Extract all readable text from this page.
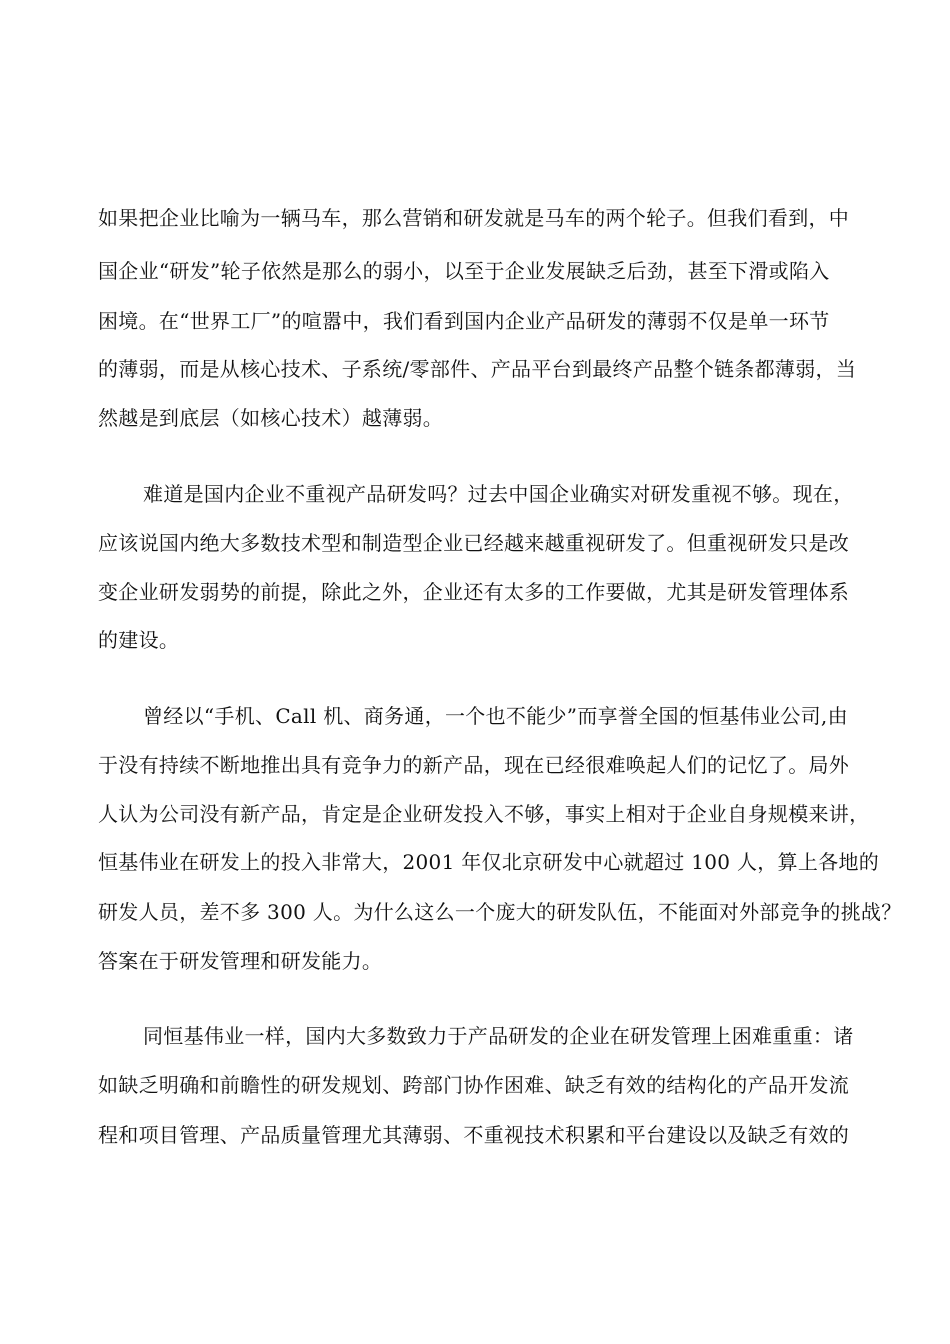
如果把企业比喻为一辆马车，那么营销和研发就是马车的两个轮子。但我们看到，中
国企业“研发”轮子依然是那么的弱小，以至于企业发展缺乏后劲，甚至下滑或陷入
困境。在“世界工厂”的喧嚣中，我们看到国内企业产品研发的薄弱不仅是单一环节
的薄弱，而是从核心技术、子系统/零部件、产品平台到最终产品整个链条都薄弱，当
然越是到底层（如核心技术）越薄弱。
难道是国内企业不重视产品研发吗？过去中国企业确实对研发重视不够。现在，
应该说国内绝大多数技术型和制造型企业已经越来越重视研发了。但重视研发只是改
变企业研发弱势的前提，除此之外，企业还有太多的工作要做，尤其是研发管理体系
的建设。
曾经以“手机、Call 机、商务通，一个也不能少”而享誉全国的恒基伟业公司,由
于没有持续不断地推出具有竞争力的新产品，现在已经很难唤起人们的记忆了。局外
人认为公司没有新产品，肯定是企业研发投入不够，事实上相对于企业自身规模来讲，
恒基伟业在研发上的投入非常大，2001 年仅北京研发中心就超过 100 人，算上各地的
研发人员，差不多 300 人。为什么这么一个庞大的研发队伍，不能面对外部竞争的挑战？
答案在于研发管理和研发能力。
同恒基伟业一样，国内大多数致力于产品研发的企业在研发管理上困难重重：诸
如缺乏明确和前瞻性的研发规划、跨部门协作困难、缺乏有效的结构化的产品开发流
程和项目管理、产品质量管理尤其薄弱、不重视技术积累和平台建设以及缺乏有效的
